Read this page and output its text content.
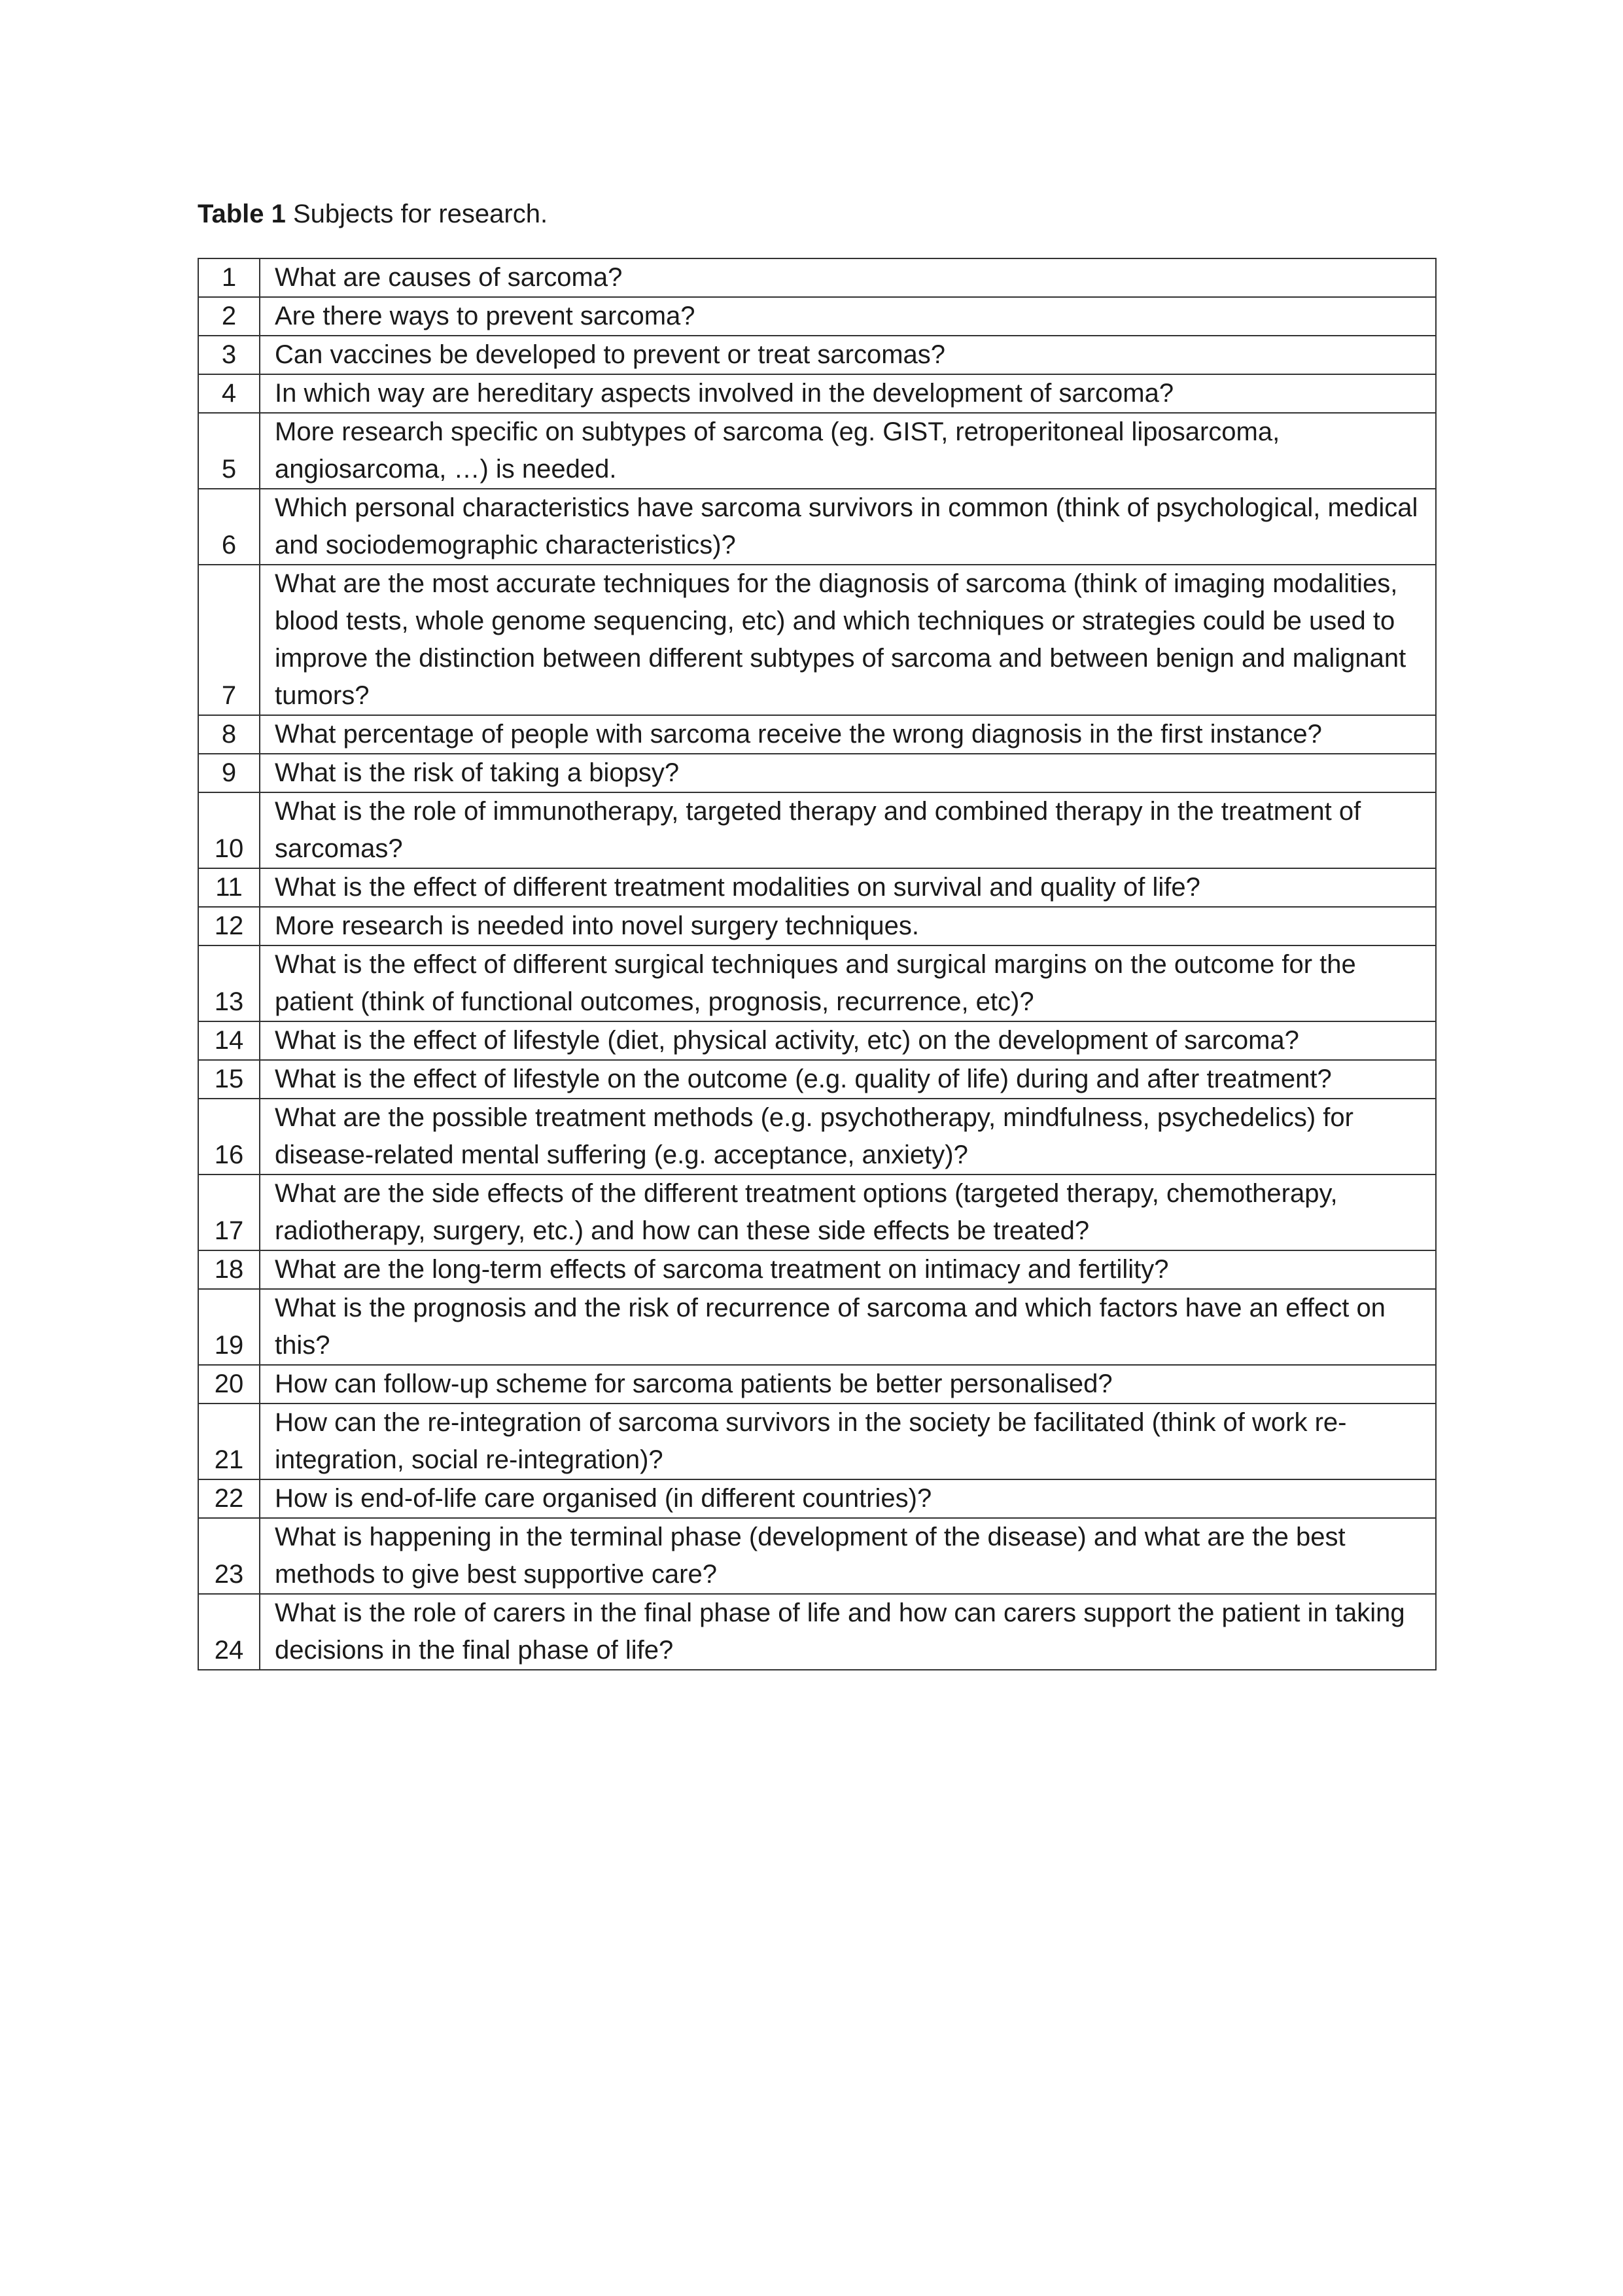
Table 1 Subjects for research.
1	What are causes of sarcoma?
2	Are there ways to prevent sarcoma?
3	Can vaccines be developed to prevent or treat sarcomas?
4	In which way are hereditary aspects involved in the development of sarcoma?
5	More research specific on subtypes of sarcoma (eg. GIST, retroperitoneal liposarcoma, angiosarcoma, …) is needed.
6	Which personal characteristics have sarcoma survivors in common (think of psychological, medical and sociodemographic characteristics)?
7	What are the most accurate techniques for the diagnosis of sarcoma (think of imaging modalities, blood tests, whole genome sequencing, etc) and which techniques or strategies could be used to improve the distinction between different subtypes of sarcoma and between benign and malignant tumors?
8	What percentage of people with sarcoma receive the wrong diagnosis in the first instance?
9	What is the risk of taking a biopsy?
10	What is the role of immunotherapy, targeted therapy and combined therapy in the treatment of sarcomas?
11	What is the effect of different treatment modalities on survival and quality of life?
12	More research is needed into novel surgery techniques.
13	What is the effect of different surgical techniques and surgical margins on the outcome for the patient (think of functional outcomes, prognosis, recurrence, etc)?
14	What is the effect of lifestyle (diet, physical activity, etc) on the development of sarcoma?
15	What is the effect of lifestyle on the outcome (e.g. quality of life) during and after treatment?
16	What are the possible treatment methods (e.g. psychotherapy, mindfulness, psychedelics) for disease-related mental suffering (e.g. acceptance, anxiety)?
17	What are the side effects of the different treatment options (targeted therapy, chemotherapy, radiotherapy, surgery, etc.) and how can these side effects be treated?
18	What are the long-term effects of sarcoma treatment on intimacy and fertility?
19	What is the prognosis and the risk of recurrence of sarcoma and which factors have an effect on this?
20	How can follow-up scheme for sarcoma patients be better personalised?
21	How can the re-integration of sarcoma survivors in the society be facilitated (think of work re-integration, social re-integration)?
22	How is end-of-life care organised (in different countries)?
23	What is happening in the terminal phase (development of the disease) and what are the best methods to give best supportive care?
24	What is the role of carers in the final phase of life and how can carers support the patient in taking decisions in the final phase of life?
